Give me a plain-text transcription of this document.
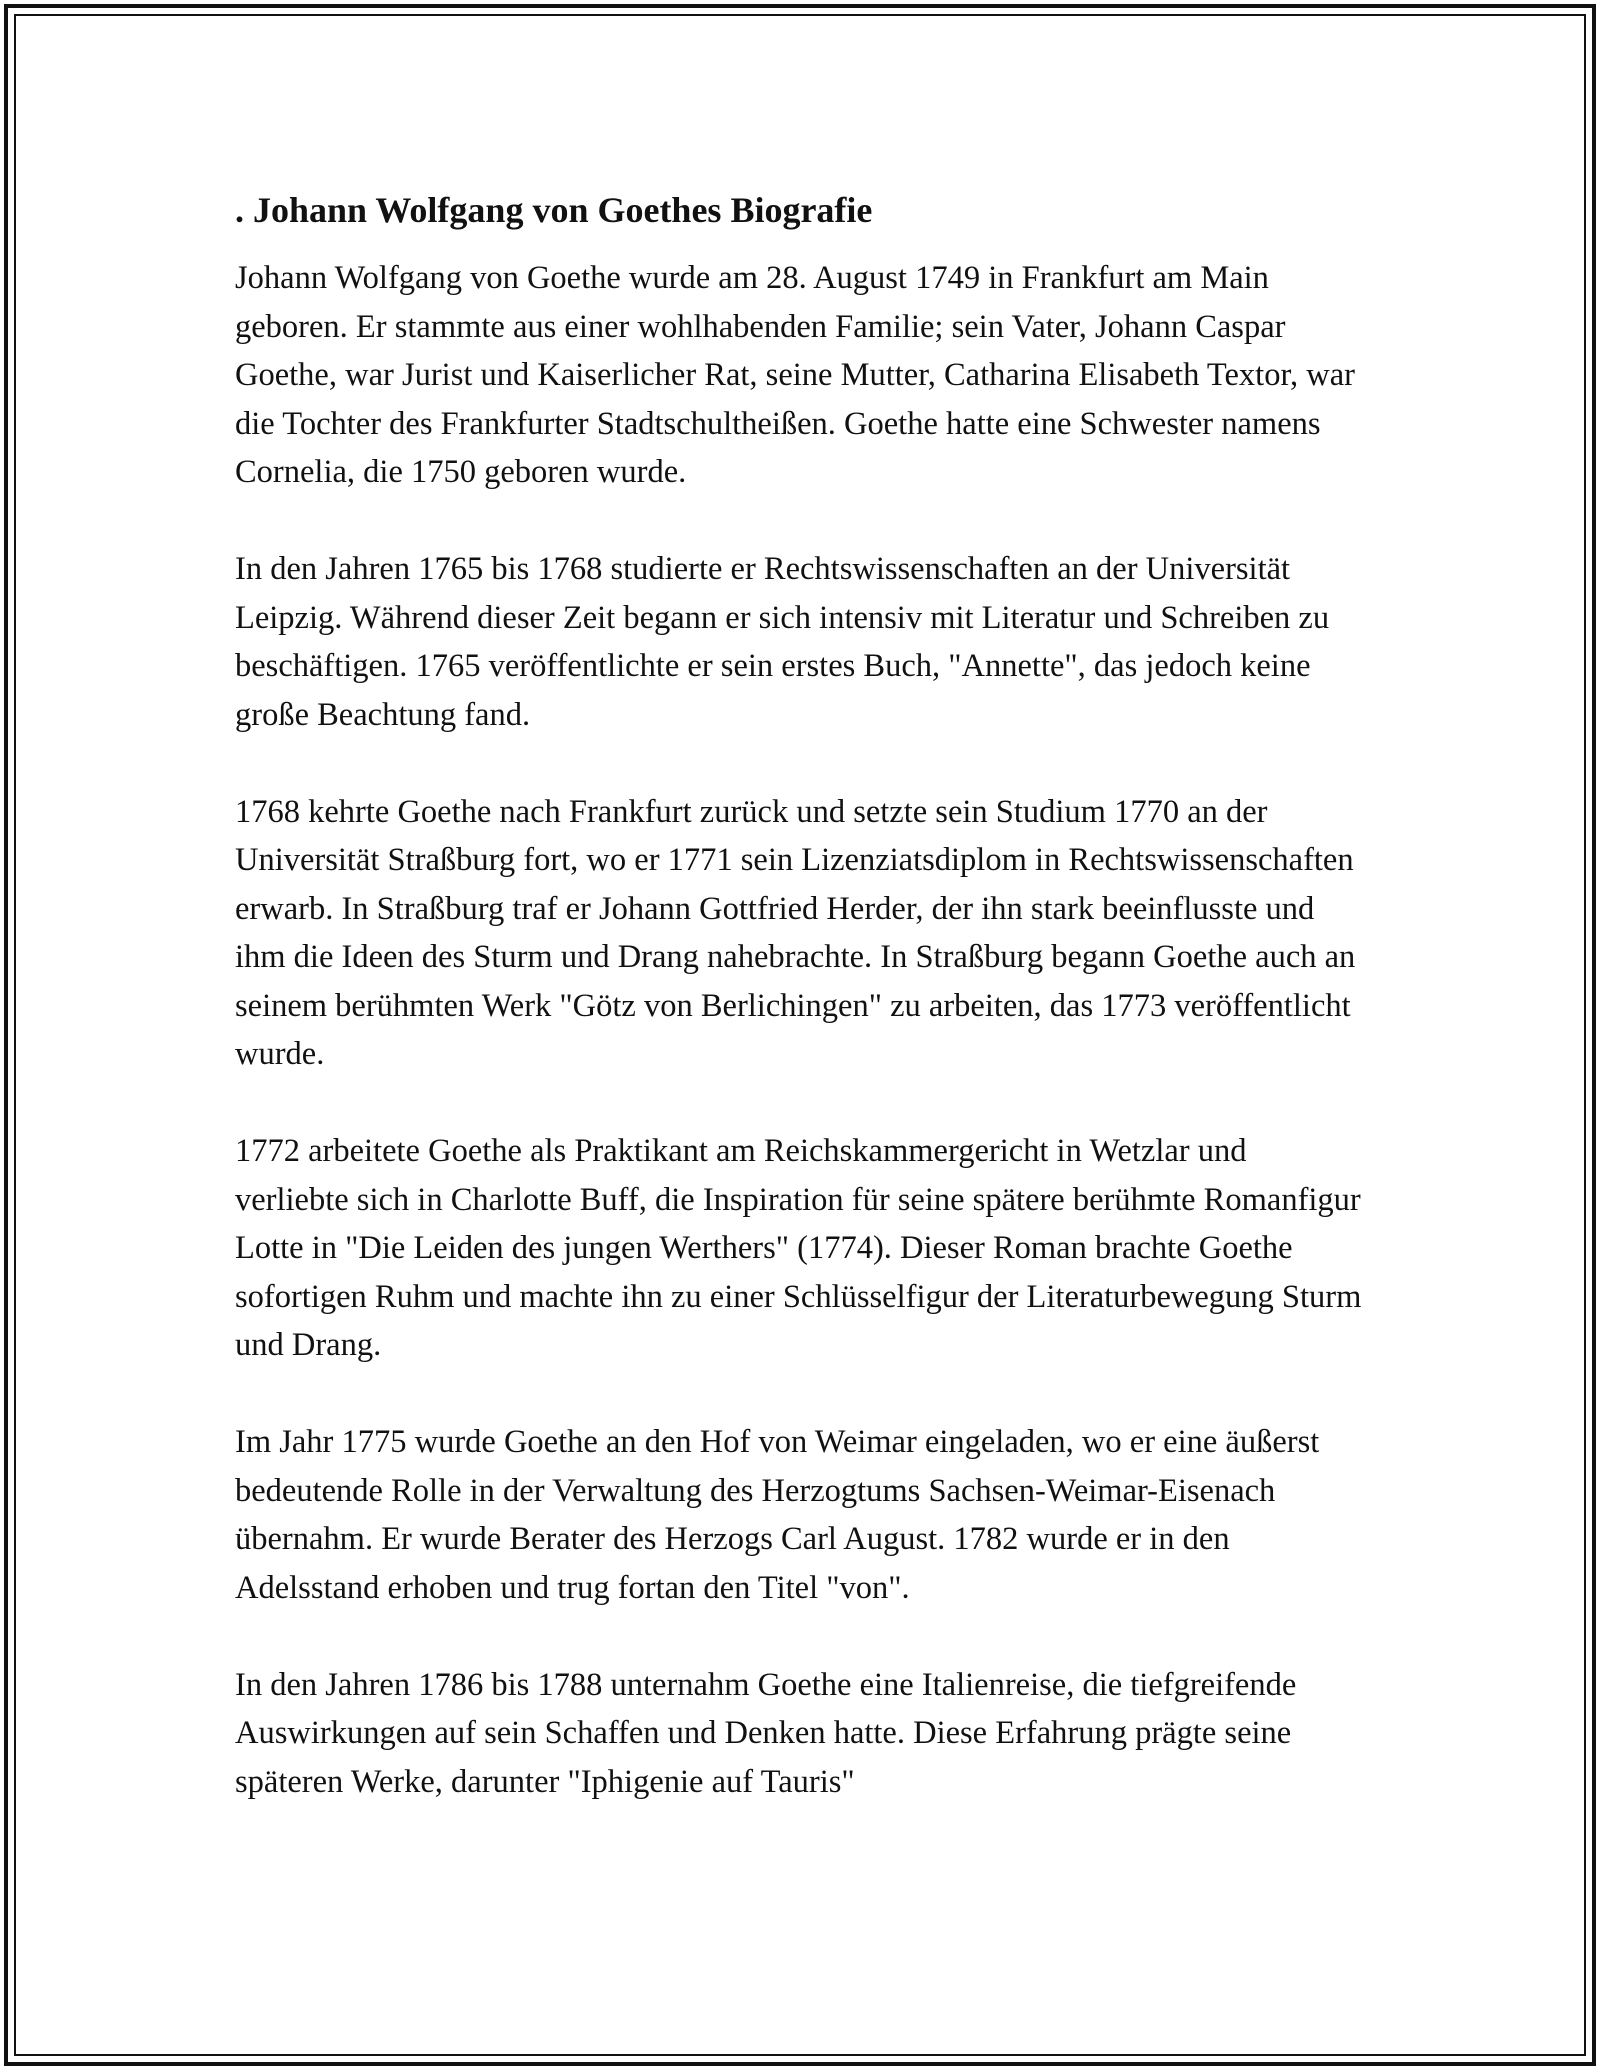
. Johann Wolfgang von Goethes Biografie

Johann Wolfgang von Goethe wurde am 28. August 1749 in Frankfurt am Main geboren. Er stammte aus einer wohlhabenden Familie; sein Vater, Johann Caspar Goethe, war Jurist und Kaiserlicher Rat, seine Mutter, Catharina Elisabeth Textor, war die Tochter des Frankfurter Stadtschultheißen. Goethe hatte eine Schwester namens Cornelia, die 1750 geboren wurde.

In den Jahren 1765 bis 1768 studierte er Rechtswissenschaften an der Universität Leipzig. Während dieser Zeit begann er sich intensiv mit Literatur und Schreiben zu beschäftigen. 1765 veröffentlichte er sein erstes Buch, "Annette", das jedoch keine große Beachtung fand.

1768 kehrte Goethe nach Frankfurt zurück und setzte sein Studium 1770 an der Universität Straßburg fort, wo er 1771 sein Lizenziatsdiplom in Rechtswissenschaften erwarb. In Straßburg traf er Johann Gottfried Herder, der ihn stark beeinflusste und ihm die Ideen des Sturm und Drang nahebrachte. In Straßburg begann Goethe auch an seinem berühmten Werk "Götz von Berlichingen" zu arbeiten, das 1773 veröffentlicht wurde.

1772 arbeitete Goethe als Praktikant am Reichskammergericht in Wetzlar und verliebte sich in Charlotte Buff, die Inspiration für seine spätere berühmte Romanfigur Lotte in "Die Leiden des jungen Werthers" (1774). Dieser Roman brachte Goethe sofortigen Ruhm und machte ihn zu einer Schlüsselfigur der Literaturbewegung Sturm und Drang.

Im Jahr 1775 wurde Goethe an den Hof von Weimar eingeladen, wo er eine äußerst bedeutende Rolle in der Verwaltung des Herzogtums Sachsen-Weimar-Eisenach übernahm. Er wurde Berater des Herzogs Carl August. 1782 wurde er in den Adelsstand erhoben und trug fortan den Titel "von".

In den Jahren 1786 bis 1788 unternahm Goethe eine Italienreise, die tiefgreifende Auswirkungen auf sein Schaffen und Denken hatte. Diese Erfahrung prägte seine späteren Werke, darunter "Iphigenie auf Tauris"
